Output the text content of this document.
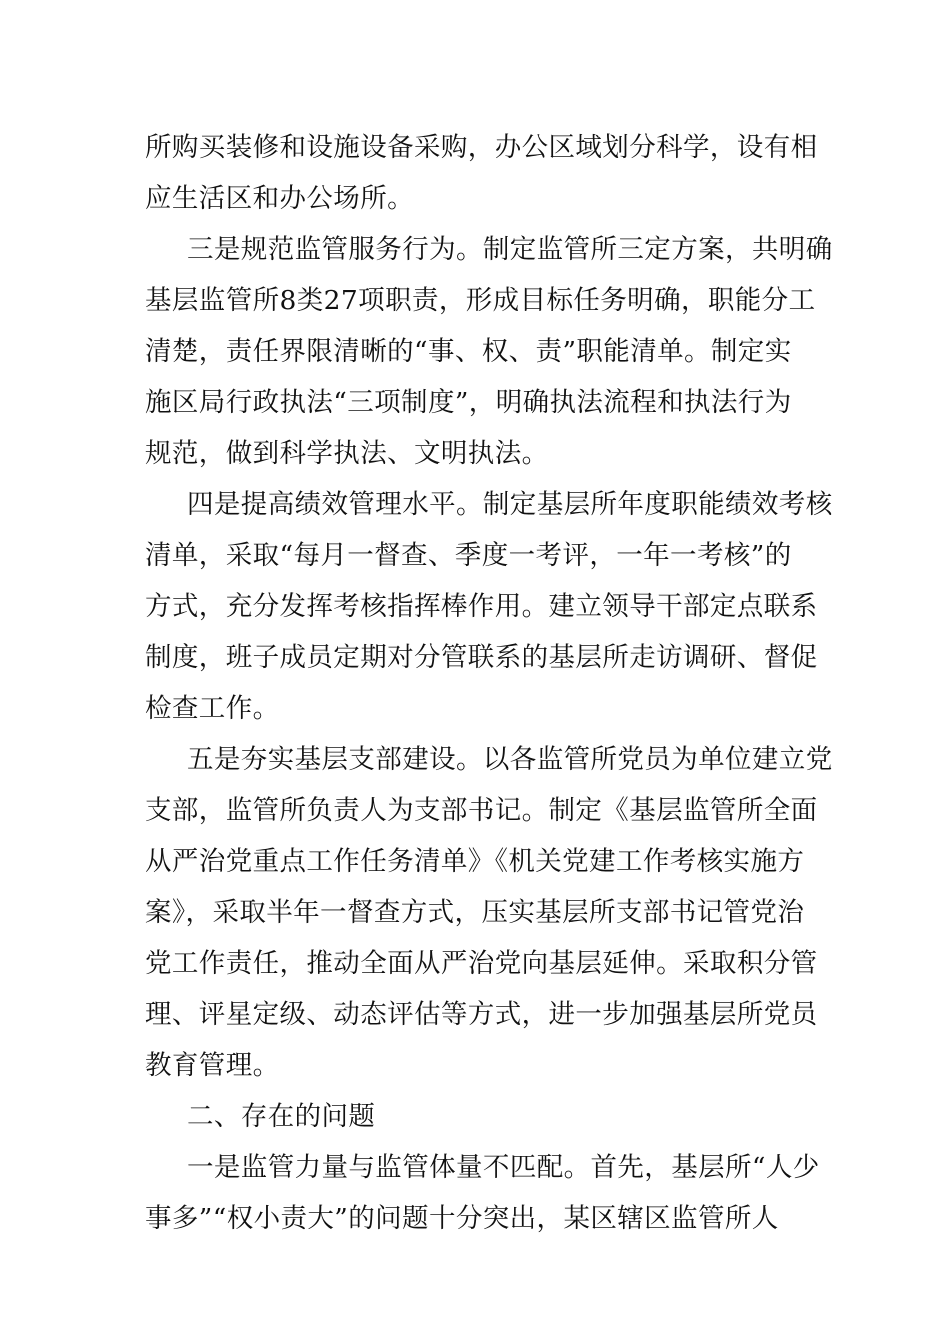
所购买装修和设施设备采购，办公区域划分科学，设有相
应生活区和办公场所。
三是规范监管服务行为。制定监管所三定方案，共明确
基层监管所8类27项职责，形成目标任务明确，职能分工
清楚，责任界限清晰的“事、权、责”职能清单。制定实
施区局行政执法“三项制度”，明确执法流程和执法行为
规范，做到科学执法、文明执法。
四是提高绩效管理水平。制定基层所年度职能绩效考核
清单，采取“每月一督查、季度一考评，一年一考核”的
方式，充分发挥考核指挥棒作用。建立领导干部定点联系
制度，班子成员定期对分管联系的基层所走访调研、督促
检查工作。
五是夯实基层支部建设。以各监管所党员为单位建立党
支部，监管所负责人为支部书记。制定《基层监管所全面
从严治党重点工作任务清单》《机关党建工作考核实施方
案》，采取半年一督查方式，压实基层所支部书记管党治
党工作责任，推动全面从严治党向基层延伸。采取积分管
理、评星定级、动态评估等方式，进一步加强基层所党员
教育管理。
二、存在的问题
一是监管力量与监管体量不匹配。首先，基层所“人少
事多”“权小责大”的问题十分突出，某区辖区监管所人
